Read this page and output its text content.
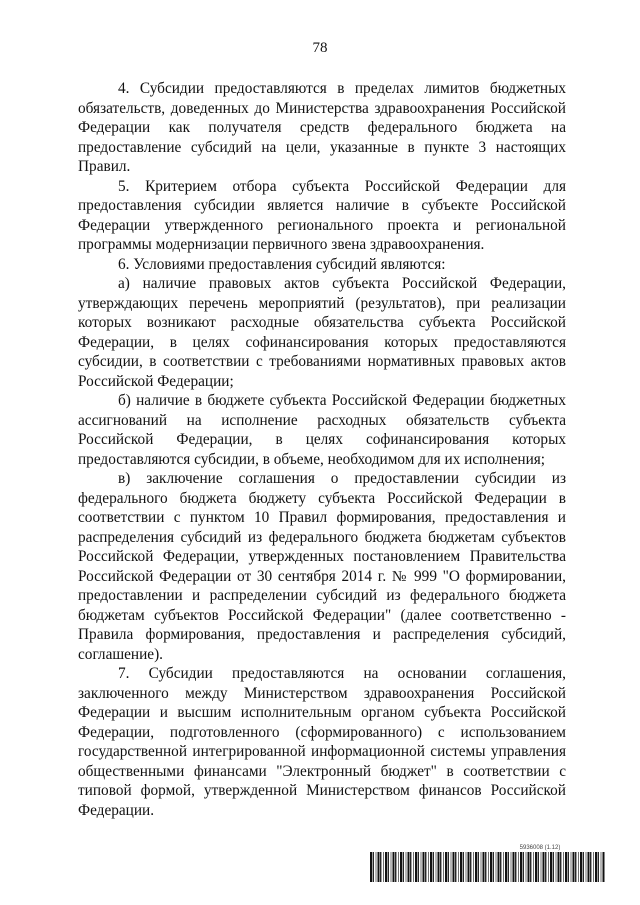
78

4. Субсидии предоставляются в пределах лимитов бюджетных обязательств, доведенных до Министерства здравоохранения Российской Федерации как получателя средств федерального бюджета на предоставление субсидий на цели, указанные в пункте 3 настоящих Правил.

5. Критерием отбора субъекта Российской Федерации для предоставления субсидии является наличие в субъекте Российской Федерации утвержденного регионального проекта и региональной программы модернизации первичного звена здравоохранения.

6. Условиями предоставления субсидий являются:

а) наличие правовых актов субъекта Российской Федерации, утверждающих перечень мероприятий (результатов), при реализации которых возникают расходные обязательства субъекта Российской Федерации, в целях софинансирования которых предоставляются субсидии, в соответствии с требованиями нормативных правовых актов Российской Федерации;

б) наличие в бюджете субъекта Российской Федерации бюджетных ассигнований на исполнение расходных обязательств субъекта Российской Федерации, в целях софинансирования которых предоставляются субсидии, в объеме, необходимом для их исполнения;

в) заключение соглашения о предоставлении субсидии из федерального бюджета бюджету субъекта Российской Федерации в соответствии с пунктом 10 Правил формирования, предоставления и распределения субсидий из федерального бюджета бюджетам субъектов Российской Федерации, утвержденных постановлением Правительства Российской Федерации от 30 сентября 2014 г. № 999 "О формировании, предоставлении и распределении субсидий из федерального бюджета бюджетам субъектов Российской Федерации" (далее соответственно - Правила формирования, предоставления и распределения субсидий, соглашение).

7. Субсидии предоставляются на основании соглашения, заключенного между Министерством здравоохранения Российской Федерации и высшим исполнительным органом субъекта Российской Федерации, подготовленного (сформированного) с использованием государственной интегрированной информационной системы управления общественными финансами "Электронный бюджет" в соответствии с типовой формой, утвержденной Министерством финансов Российской Федерации.

5936008 (1.12)
